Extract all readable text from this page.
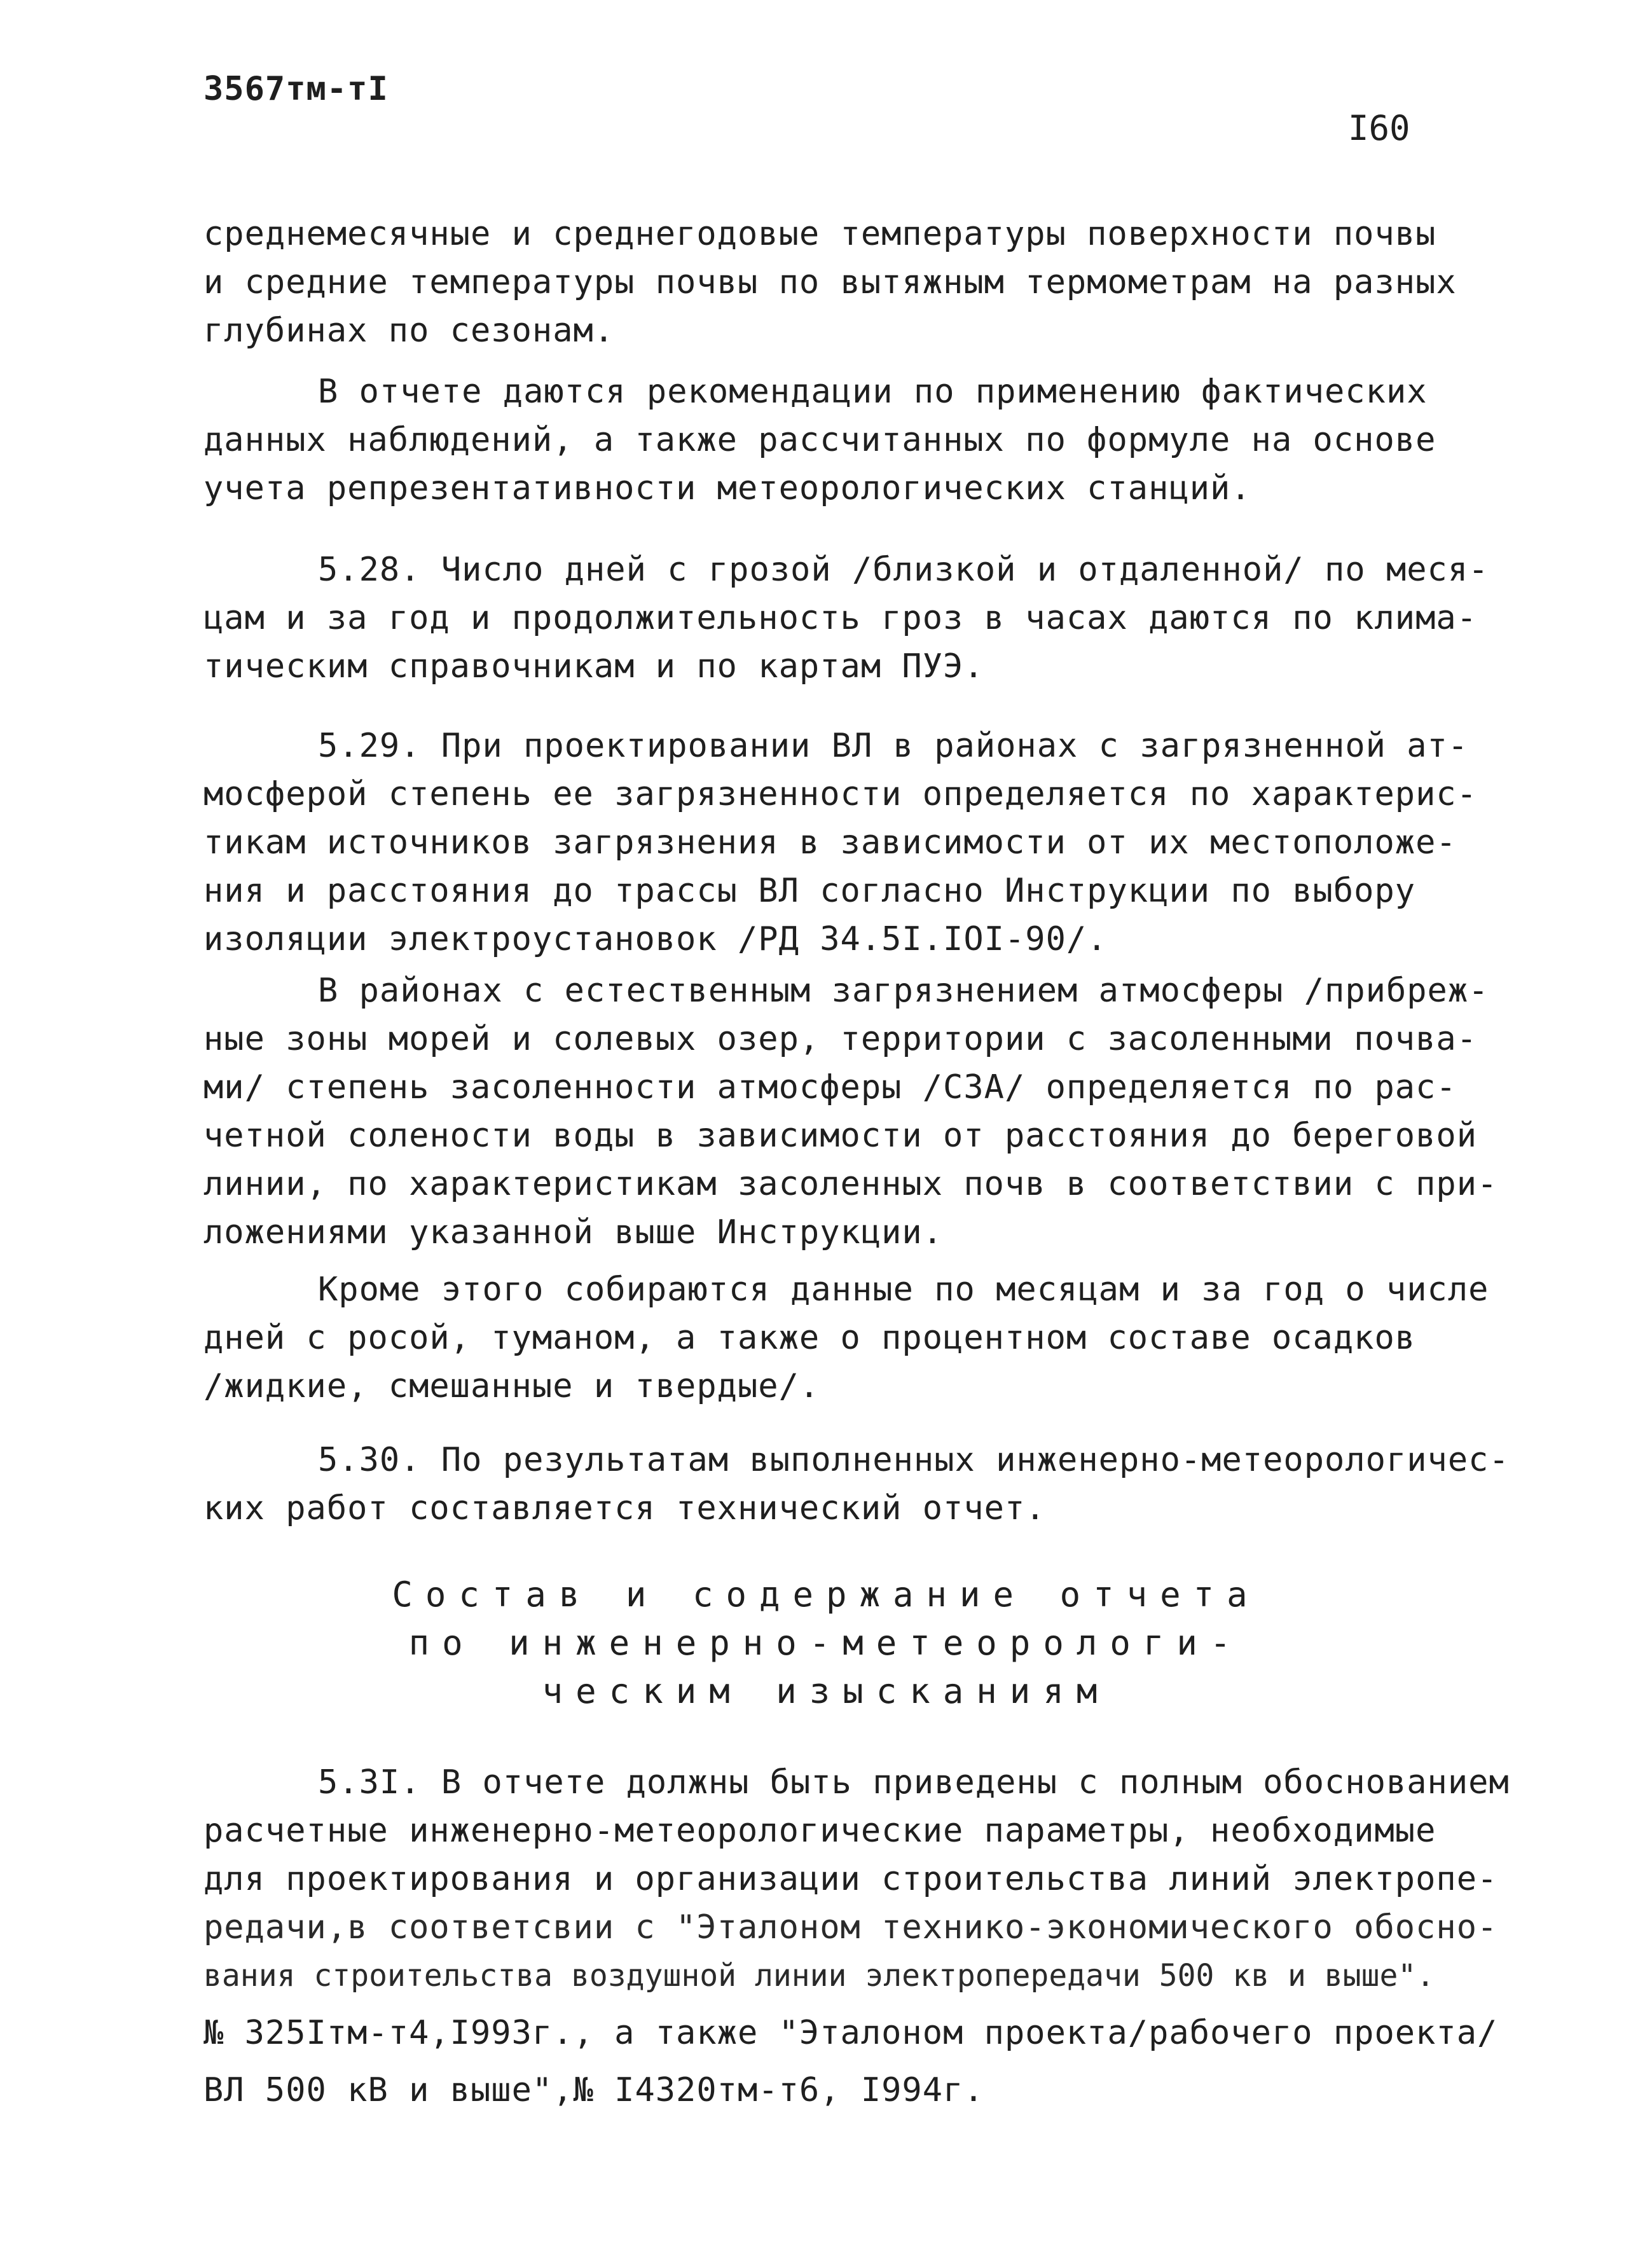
3567тм-тI
I60
среднемесячные и среднегодовые температуры поверхности почвы
и средние температуры почвы по вытяжным термометрам на разных
глубинах по сезонам.
В отчете даются рекомендации по применению фактических
данных наблюдений, а также рассчитанных по формуле на основе
учета репрезентативности метеорологических станций.
5.28. Число дней с грозой /близкой и отдаленной/ по меся-
цам и за год и продолжительность гроз в часах даются по клима-
тическим справочникам и по картам ПУЭ.
5.29. При проектировании ВЛ в районах с загрязненной ат-
мосферой степень ее загрязненности определяется по характерис-
тикам источников загрязнения в зависимости от их местоположе-
ния и расстояния до трассы ВЛ согласно Инструкции по выбору
изоляции электроустановок /РД 34.5I.IOI-90/.
В районах с естественным загрязнением атмосферы /прибреж-
ные зоны морей и солевых озер, территории с засоленными почва-
ми/ степень засоленности атмосферы /СЗА/ определяется по рас-
четной солености воды в зависимости от расстояния до береговой
линии, по характеристикам засоленных почв в соответствии с при-
ложениями указанной выше Инструкции.
Кроме этого собираются данные по месяцам и за год о числе
дней с росой, туманом, а также о процентном составе осадков
/жидкие, смешанные и твердые/.
5.30. По результатам выполненных инженерно-метеорологичес-
ких работ составляется технический отчет.
Состав и содержание отчета
по инженерно-метеорологи-
ческим изысканиям
5.3I. В отчете должны быть приведены с полным обоснованием
расчетные инженерно-метеорологические параметры, необходимые
для проектирования и организации строительства линий электропе-
редачи,в соответсвии с "Эталоном технико-экономического обосно-
вания строительства воздушной линии электропередачи 500 кв и выше".
№ 325Iтм-т4,I993г., а также "Эталоном проекта/рабочего проекта/
ВЛ 500 кВ и выше",№ I4320тм-т6, I994г.
